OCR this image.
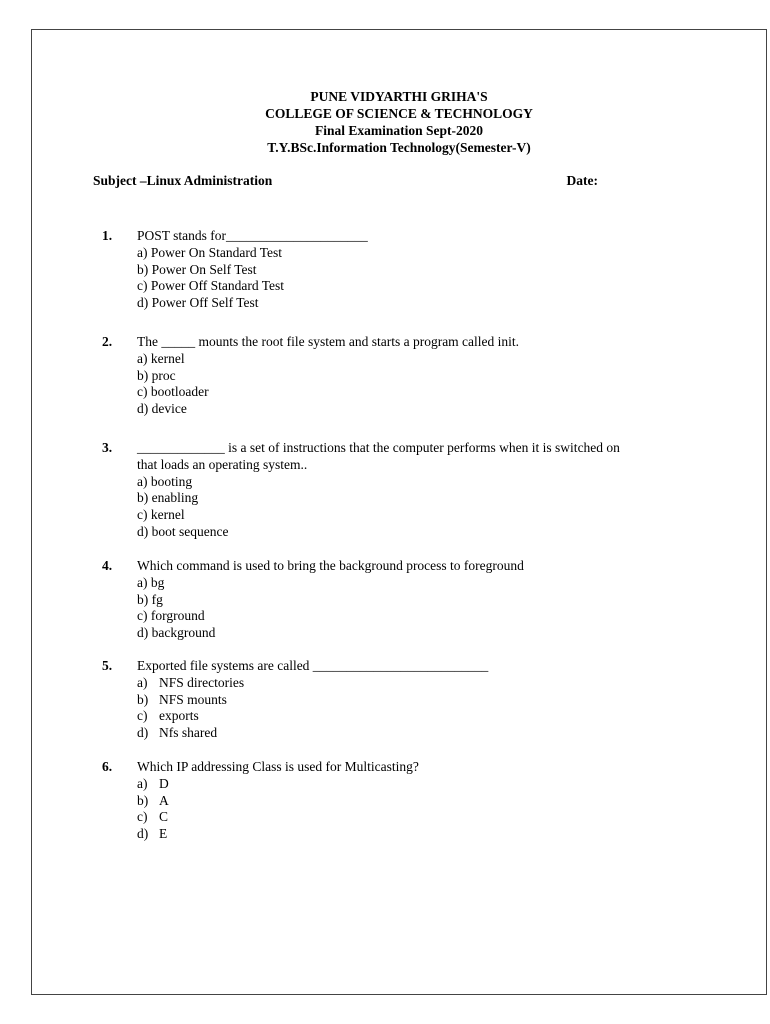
PUNE VIDYARTHI GRIHA'S
COLLEGE OF SCIENCE & TECHNOLOGY
Final Examination Sept-2020
T.Y.BSc.Information Technology(Semester-V)
Subject –Linux Administration	Date:
1.	POST stands for_____________________
a) Power On Standard Test
b) Power On Self Test
c) Power Off Standard Test
d) Power Off Self Test
2.	The _____ mounts the root file system and starts a program called init.
a) kernel
b) proc
c) bootloader
d) device
3.	_____________ is a set of instructions that the computer performs when it is switched on that loads an operating system..
a) booting
b) enabling
c) kernel
d) boot sequence
4.	Which command is used to bring the background process to foreground
a) bg
b) fg
c) forground
d) background
5.	Exported file systems are called __________________________
a) NFS directories
b) NFS mounts
c) exports
d) Nfs shared
6.	Which IP addressing Class is used for Multicasting?
a) D
b) A
c) C
d) E
